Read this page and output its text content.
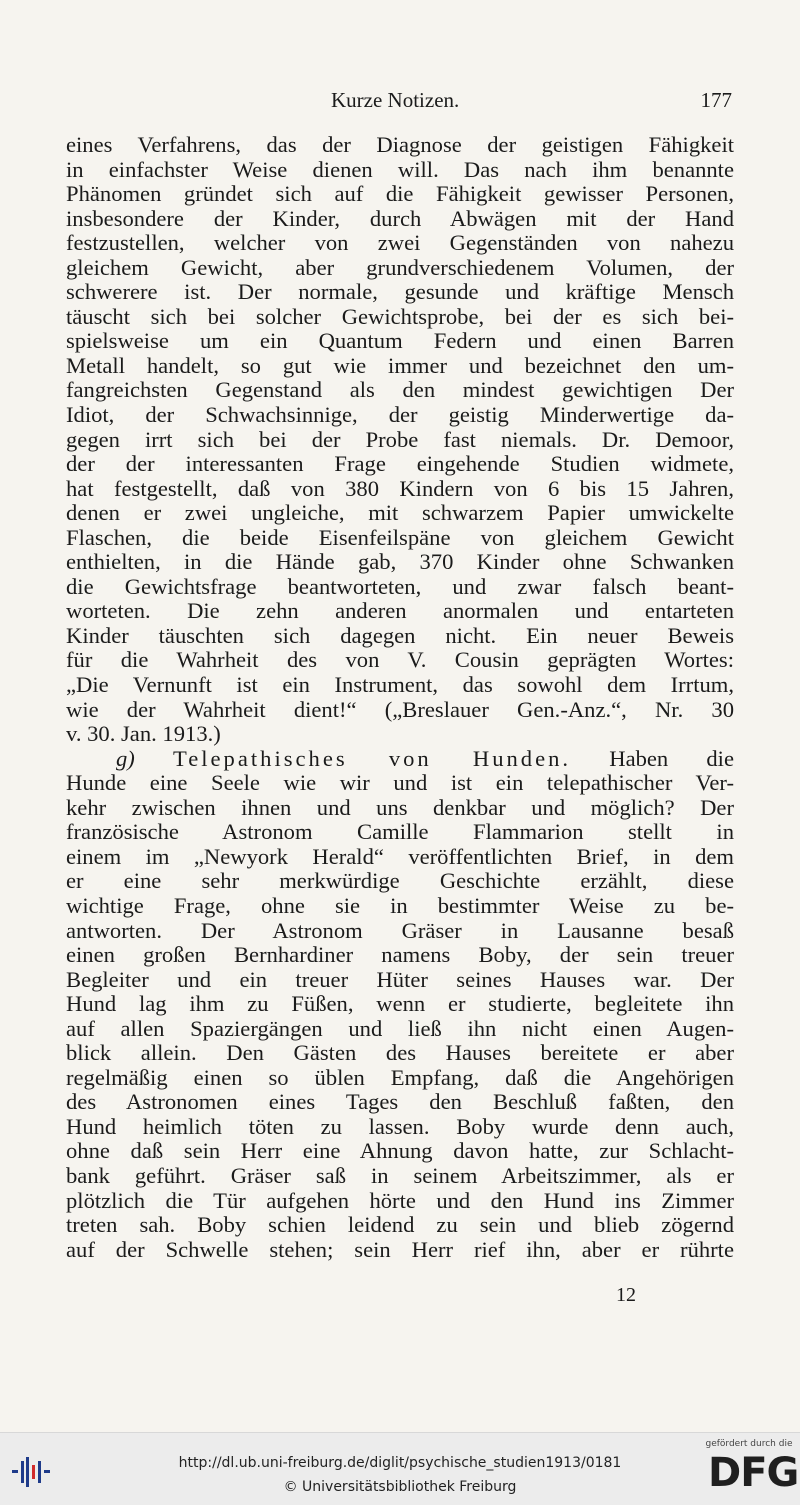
Kurze Notizen.	177
eines Verfahrens, das der Diagnose der geistigen Fähigkeit
in einfachster Weise dienen will. Das nach ihm benannte
Phänomen gründet sich auf die Fähigkeit gewisser Personen,
insbesondere der Kinder, durch Abwägen mit der Hand
festzustellen, welcher von zwei Gegenständen von nahezu
gleichem Gewicht, aber grundverschiedenem Volumen, der
schwerere ist. Der normale, gesunde und kräftige Mensch
täuscht sich bei solcher Gewichtsprobe, bei der es sich bei-
spielsweise um ein Quantum Federn und einen Barren
Metall handelt, so gut wie immer und bezeichnet den um-
fangreichsten Gegenstand als den mindest gewichtigen Der
Idiot, der Schwachsinnige, der geistig Minderwertige da-
gegen irrt sich bei der Probe fast niemals. Dr. Demoor,
der der interessanten Frage eingehende Studien widmete,
hat festgestellt, daß von 380 Kindern von 6 bis 15 Jahren,
denen er zwei ungleiche, mit schwarzem Papier umwickelte
Flaschen, die beide Eisenfeilspäne von gleichem Gewicht
enthielten, in die Hände gab, 370 Kinder ohne Schwanken
die Gewichtsfrage beantworteten, und zwar falsch beant-
worteten. Die zehn anderen anormalen und entarteten
Kinder täuschten sich dagegen nicht. Ein neuer Beweis
für die Wahrheit des von V. Cousin geprägten Wortes:
„Die Vernunft ist ein Instrument, das sowohl dem Irrtum,
wie der Wahrheit dient!“ („Breslauer Gen.-Anz.“, Nr. 30
v. 30. Jan. 1913.)
g) Telepathisches von Hunden. Haben die
Hunde eine Seele wie wir und ist ein telepathischer Ver-
kehr zwischen ihnen und uns denkbar und möglich? Der
französische Astronom Camille Flammarion stellt in
einem im „Newyork Herald“ veröffentlichten Brief, in dem
er eine sehr merkwürdige Geschichte erzählt, diese
wichtige Frage, ohne sie in bestimmter Weise zu be-
antworten. Der Astronom Gräser in Lausanne besaß
einen großen Bernhardiner namens Boby, der sein treuer
Begleiter und ein treuer Hüter seines Hauses war. Der
Hund lag ihm zu Füßen, wenn er studierte, begleitete ihn
auf allen Spaziergängen und ließ ihn nicht einen Augen-
blick allein. Den Gästen des Hauses bereitete er aber
regelmäßig einen so üblen Empfang, daß die Angehörigen
des Astronomen eines Tages den Beschluß faßten, den
Hund heimlich töten zu lassen. Boby wurde denn auch,
ohne daß sein Herr eine Ahnung davon hatte, zur Schlacht-
bank geführt. Gräser saß in seinem Arbeitszimmer, als er
plötzlich die Tür aufgehen hörte und den Hund ins Zimmer
treten sah. Boby schien leidend zu sein und blieb zögernd
auf der Schwelle stehen; sein Herr rief ihn, aber er rührte
12
http://dl.ub.uni-freiburg.de/diglit/psychische_studien1913/0181
© Universitätsbibliothek Freiburg
gefördert durch die
DFG
